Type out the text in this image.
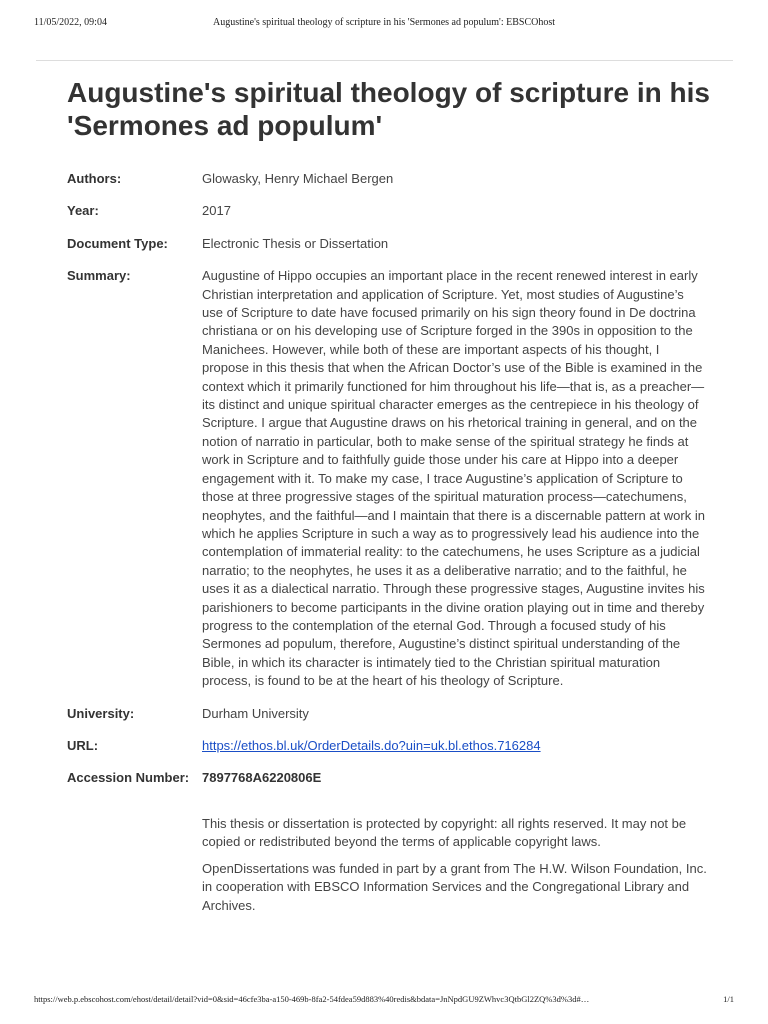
11/05/2022, 09:04	Augustine's spiritual theology of scripture in his 'Sermones ad populum': EBSCOhost
Augustine's spiritual theology of scripture in his 'Sermones ad populum'
Authors:	Glowasky, Henry Michael Bergen
Year:	2017
Document Type:	Electronic Thesis or Dissertation
Summary:	Augustine of Hippo occupies an important place in the recent renewed interest in early Christian interpretation and application of Scripture. Yet, most studies of Augustine’s use of Scripture to date have focused primarily on his sign theory found in De doctrina christiana or on his developing use of Scripture forged in the 390s in opposition to the Manichees. However, while both of these are important aspects of his thought, I propose in this thesis that when the African Doctor’s use of the Bible is examined in the context which it primarily functioned for him throughout his life—that is, as a preacher—its distinct and unique spiritual character emerges as the centrepiece in his theology of Scripture. I argue that Augustine draws on his rhetorical training in general, and on the notion of narratio in particular, both to make sense of the spiritual strategy he finds at work in Scripture and to faithfully guide those under his care at Hippo into a deeper engagement with it. To make my case, I trace Augustine’s application of Scripture to those at three progressive stages of the spiritual maturation process—catechumens, neophytes, and the faithful—and I maintain that there is a discernable pattern at work in which he applies Scripture in such a way as to progressively lead his audience into the contemplation of immaterial reality: to the catechumens, he uses Scripture as a judicial narratio; to the neophytes, he uses it as a deliberative narratio; and to the faithful, he uses it as a dialectical narratio. Through these progressive stages, Augustine invites his parishioners to become participants in the divine oration playing out in time and thereby progress to the contemplation of the eternal God. Through a focused study of his Sermones ad populum, therefore, Augustine’s distinct spiritual understanding of the Bible, in which its character is intimately tied to the Christian spiritual maturation process, is found to be at the heart of his theology of Scripture.
University:	Durham University
URL:	https://ethos.bl.uk/OrderDetails.do?uin=uk.bl.ethos.716284
Accession Number: 7897768A6220806E

This thesis or dissertation is protected by copyright: all rights reserved. It may not be copied or redistributed beyond the terms of applicable copyright laws.

OpenDissertations was funded in part by a grant from The H.W. Wilson Foundation, Inc. in cooperation with EBSCO Information Services and the Congregational Library and Archives.

https://web.p.ebscohost.com/ehost/detail/detail?vid=0&sid=46cfe3ba-a150-469b-8fa2-54fdea59d883%40redis&bdata=JnNpdGU9ZWhvc3QtbGl2ZQ%3d%3d#…	1/1
